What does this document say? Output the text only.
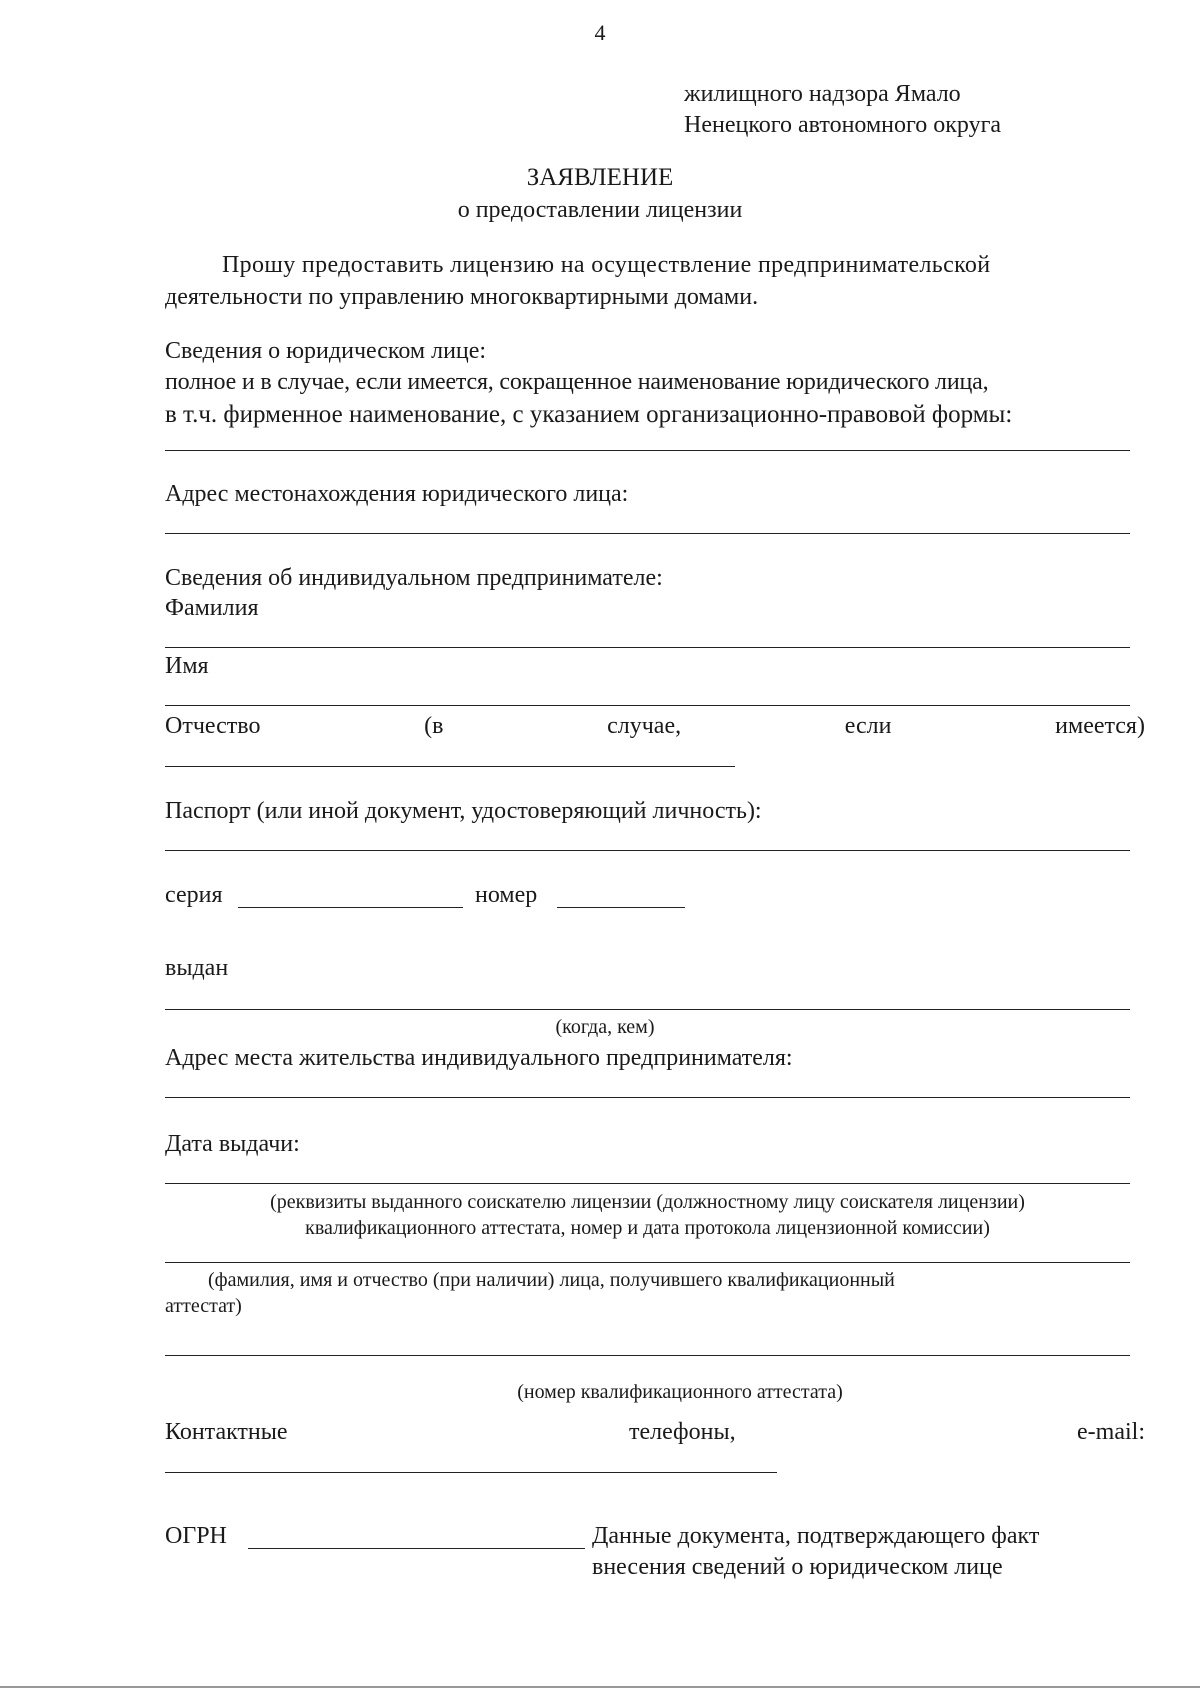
4
жилищного надзора Ямало
Ненецкого автономного округа
ЗАЯВЛЕНИЕ
о предоставлении лицензии
Прошу предоставить лицензию на осуществление предпринимательской
деятельности по управлению многоквартирными домами.
Сведения о юридическом лице:
полное и в случае, если имеется, сокращенное наименование юридического лица,
в т.ч. фирменное наименование, с указанием организационно-правовой формы:
Адрес местонахождения юридического лица:
Сведения об индивидуальном предпринимателе:
Фамилия
Имя
Отчество	(в	случае,	если	имеется)
Паспорт (или иной документ, удостоверяющий личность):
серия	номер
выдан
(когда, кем)
Адрес места жительства индивидуального предпринимателя:
Дата выдачи:
(реквизиты выданного соискателю лицензии (должностному лицу соискателя лицензии)
квалификационного аттестата, номер и дата протокола лицензионной комиссии)
(фамилия, имя и отчество (при наличии) лица, получившего квалификационный
аттестат)
(номер квалификационного аттестата)
Контактные	телефоны,	e-mail:
ОГРН	Данные документа, подтверждающего факт
внесения сведений о юридическом лице
